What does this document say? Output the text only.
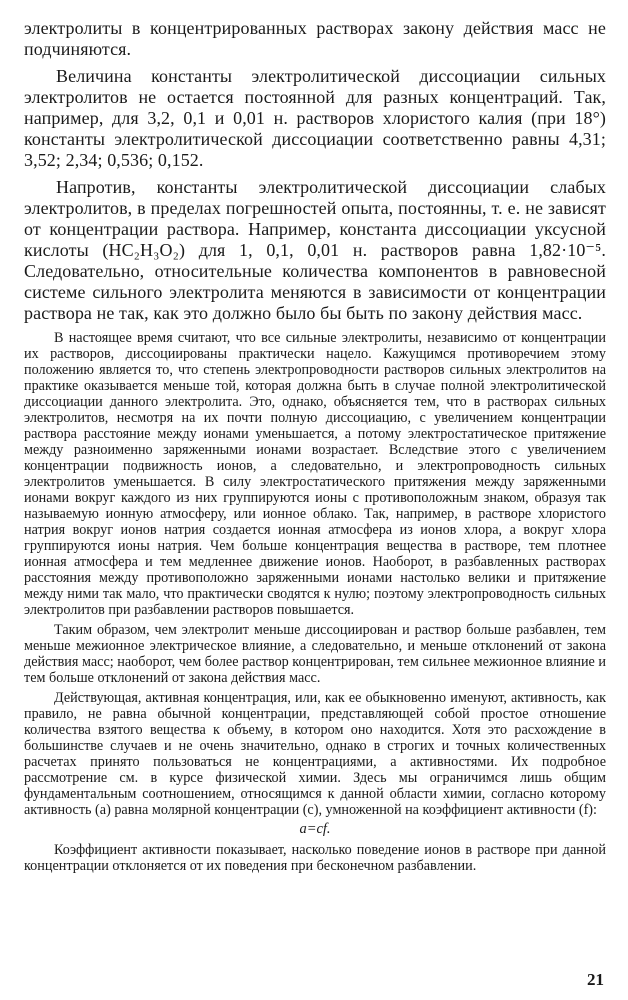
электролиты в концентрированных растворах закону действия масс не подчиняются.

Величина константы электролитической диссоциации сильных электролитов не остается постоянной для разных концентраций. Так, например, для 3,2, 0,1 и 0,01 н. растворов хлористого калия (при 18°) константы электролитической диссоциации соответственно равны 4,31; 3,52; 2,34; 0,536; 0,152.

Напротив, константы электролитической диссоциации слабых электролитов, в пределах погрешностей опыта, постоянны, т. е. не зависят от концентрации раствора. Например, константа диссоциации уксусной кислоты (HC₂H₃O₂) для 1, 0,1, 0,01 н. растворов равна 1,82·10⁻⁵. Следовательно, относительные количества компонентов в равновесной системе сильного электролита меняются в зависимости от концентрации раствора не так, как это должно было бы быть по закону действия масс.

В настоящее время считают, что все сильные электролиты, независимо от концентрации их растворов, диссоциированы практически нацело. Кажущимся противоречием этому положению является то, что степень электропроводности растворов сильных электролитов на практике оказывается меньше той, которая должна быть в случае полной электролитической диссоциации данного электролита. Это, однако, объясняется тем, что в растворах сильных электролитов, несмотря на их почти полную диссоциацию, с увеличением концентрации раствора расстояние между ионами уменьшается, а потому электростатическое притяжение между разноименно заряженными ионами возрастает. Вследствие этого с увеличением концентрации подвижность ионов, а следовательно, и электропроводность сильных электролитов уменьшается. В силу электростатического притяжения между заряженными ионами вокруг каждого из них группируются ионы с противоположным знаком, образуя так называемую ионную атмосферу, или ионное облако. Так, например, в растворе хлористого натрия вокруг ионов натрия создается ионная атмосфера из ионов хлора, а вокруг хлора группируются ионы натрия. Чем больше концентрация вещества в растворе, тем плотнее ионная атмосфера и тем медленнее движение ионов. Наоборот, в разбавленных растворах расстояния между противоположно заряженными ионами настолько велики и притяжение между ними так мало, что практически сводятся к нулю; поэтому электропроводность сильных электролитов при разбавлении растворов повышается.

Таким образом, чем электролит меньше диссоциирован и раствор больше разбавлен, тем меньше межионное электрическое влияние, а следовательно, и меньше отклонений от закона действия масс; наоборот, чем более раствор концентрирован, тем сильнее межионное влияние и тем больше отклонений от закона действия масс.

Действующая, активная концентрация, или, как ее обыкновенно именуют, активность, как правило, не равна обычной концентрации, представляющей собой простое отношение количества взятого вещества к объему, в котором оно находится. Хотя это расхождение в большинстве случаев и не очень значительно, однако в строгих и точных количественных расчетах принято пользоваться не концентрациями, а активностями. Их подробное рассмотрение см. в курсе физической химии. Здесь мы ограничимся лишь общим фундаментальным соотношением, относящимся к данной области химии, согласно которому активность (a) равна молярной концентрации (c), умноженной на коэффициент активности (f):

a=cf.

Коэффициент активности показывает, насколько поведение ионов в растворе при данной концентрации отклоняется от их поведения при бесконечном разбавлении.

21
